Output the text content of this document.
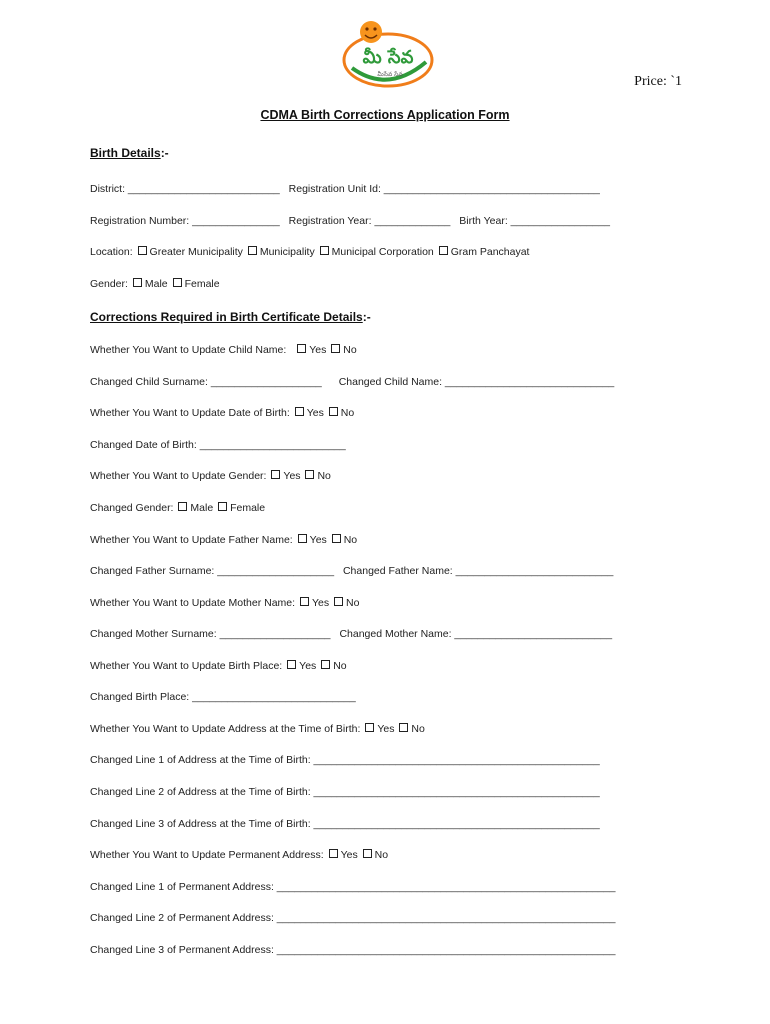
మీ సేవ
మీసేవ సేవ	Price: `1
CDMA Birth Corrections Application Form
Birth Details:-
District: __________________________ Registration Unit Id: _____________________________________
Registration Number: _______________ Registration Year: _____________ Birth Year: _________________
Location: Greater Municipality Municipality Municipal Corporation Gram Panchayat
Gender: Male Female
Corrections Required in Birth Certificate Details:-
Whether You Want to Update Child Name: Yes No
Changed Child Surname: ___________________ Changed Child Name: _____________________________
Whether You Want to Update Date of Birth: Yes No
Changed Date of Birth: _________________________
Whether You Want to Update Gender: Yes No
Changed Gender: Male Female
Whether You Want to Update Father Name: Yes No
Changed Father Surname: ____________________ Changed Father Name: ___________________________
Whether You Want to Update Mother Name: Yes No
Changed Mother Surname: ___________________ Changed Mother Name: ___________________________
Whether You Want to Update Birth Place: Yes No
Changed Birth Place: ____________________________
Whether You Want to Update Address at the Time of Birth: Yes No
Changed Line 1 of Address at the Time of Birth: _________________________________________________
Changed Line 2 of Address at the Time of Birth: _________________________________________________
Changed Line 3 of Address at the Time of Birth: _________________________________________________
Whether You Want to Update Permanent Address: Yes No
Changed Line 1 of Permanent Address: __________________________________________________________
Changed Line 2 of Permanent Address: __________________________________________________________
Changed Line 3 of Permanent Address: __________________________________________________________
